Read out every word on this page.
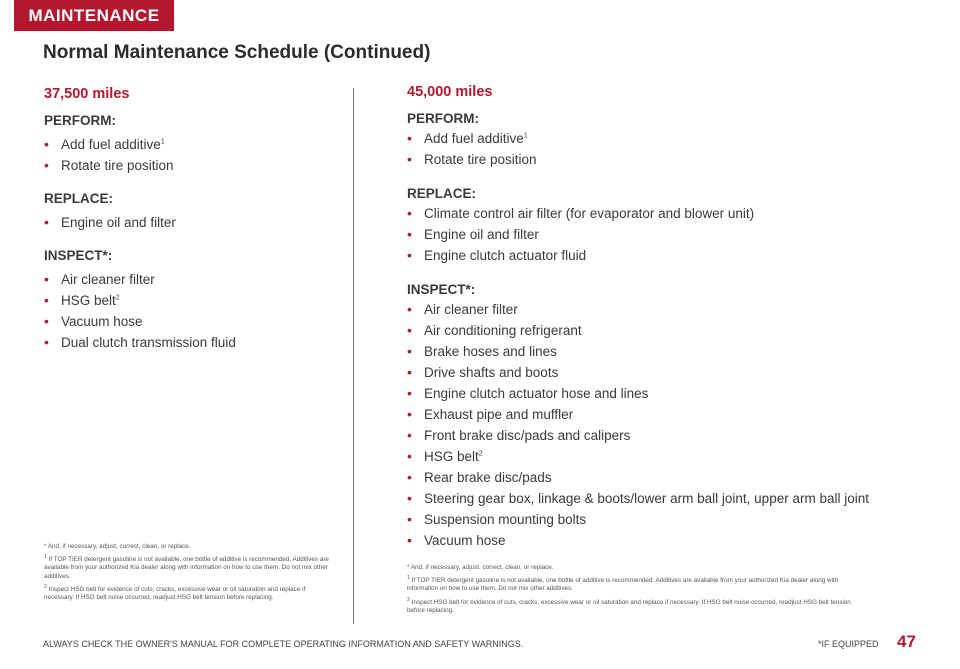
MAINTENANCE
Normal Maintenance Schedule (Continued)

37,500 miles

PERFORM:
• Add fuel additive$^1$
• Rotate tire position
REPLACE:
• Engine oil and filter
INSPECT*:
• Air cleaner filter
• HSG belt$^2$
• Vacuum hose
• Dual clutch transmission fluid

* And, if necessary, adjust, correct, clean, or replace.

$^1$ If TOP TIER detergent gasoline is not available, one bottle of additive is recommended. Additives are available from your authorized Kia dealer along with information on how to use them. Do not mix other additives.

$^2$ Inspect HSG belt for evidence of cuts, cracks, excessive wear or oil saturation and replace if necessary. If HSG belt noise occurred, readjust HSG belt tension before replacing.

45,000 miles

PERFORM:
• Add fuel additive$^1$
• Rotate tire position
REPLACE:
• Climate control air filter (for evaporator and blower unit)
• Engine oil and filter
• Engine clutch actuator fluid
INSPECT*:
• Air cleaner filter
• Air conditioning refrigerant
• Brake hoses and lines
• Drive shafts and boots
• Engine clutch actuator hose and lines
• Exhaust pipe and muffler
• Front brake disc/pads and calipers
• HSG belt$^2$
• Rear brake disc/pads
• Steering gear box, linkage & boots/lower arm ball joint, upper arm ball joint
• Suspension mounting bolts
• Vacuum hose

* And, if necessary, adjust, correct, clean, or replace.

$^1$ If TOP TIER detergent gasoline is not available, one bottle of additive is recommended. Additives are available from your authorized Kia dealer along with information on how to use them. Do not mix other additives.

$^2$ Inspect HSG belt for evidence of cuts, cracks, excessive wear or oil saturation and replace if necessary. If HSG belt noise occurred, readjust HSG belt tension before replacing.

ALWAYS CHECK THE OWNER'S MANUAL FOR COMPLETE OPERATING INFORMATION AND SAFETY WARNINGS.	*IF EQUIPPED 47
